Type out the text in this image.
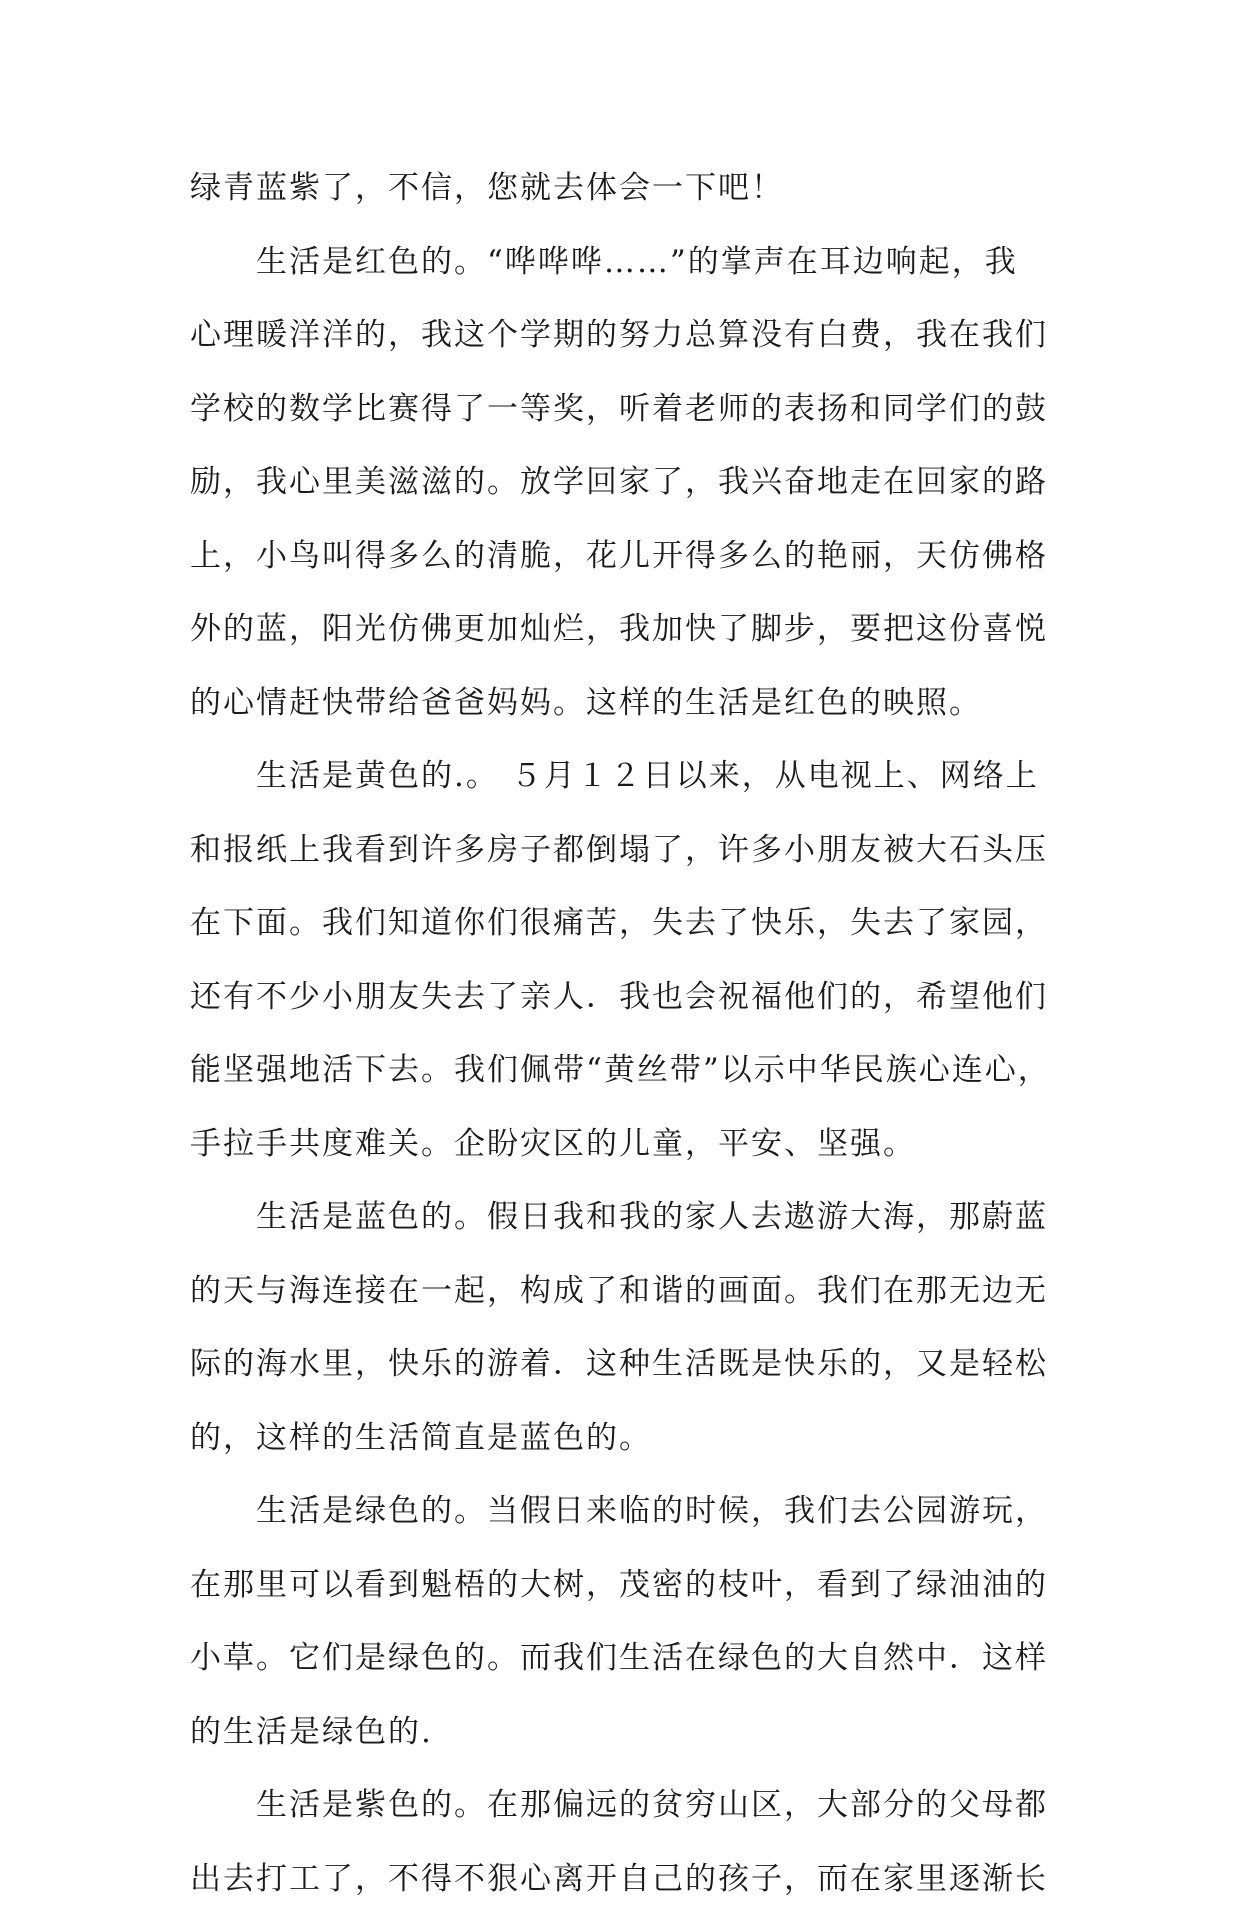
绿青蓝紫了，不信，您就去体会一下吧！
生活是红色的。“哗哗哗……”的掌声在耳边响起，我
心理暖洋洋的，我这个学期的努力总算没有白费，我在我们
学校的数学比赛得了一等奖，听着老师的表扬和同学们的鼓
励，我心里美滋滋的。放学回家了，我兴奋地走在回家的路
上，小鸟叫得多么的清脆，花儿开得多么的艳丽，天仿佛格
外的蓝，阳光仿佛更加灿烂，我加快了脚步，要把这份喜悦
的心情赶快带给爸爸妈妈。这样的生活是红色的映照。
生活是黄色的.。 ５月１２日以来，从电视上、网络上
和报纸上我看到许多房子都倒塌了，许多小朋友被大石头压
在下面。我们知道你们很痛苦，失去了快乐，失去了家园，
还有不少小朋友失去了亲人．我也会祝福他们的，希望他们
能坚强地活下去。我们佩带“黄丝带”以示中华民族心连心，
手拉手共度难关。企盼灾区的儿童，平安、坚强。
生活是蓝色的。假日我和我的家人去遨游大海，那蔚蓝
的天与海连接在一起，构成了和谐的画面。我们在那无边无
际的海水里，快乐的游着．这种生活既是快乐的，又是轻松
的，这样的生活简直是蓝色的。
生活是绿色的。当假日来临的时候，我们去公园游玩，
在那里可以看到魁梧的大树，茂密的枝叶，看到了绿油油的
小草。它们是绿色的。而我们生活在绿色的大自然中．这样
的生活是绿色的.
生活是紫色的。在那偏远的贫穷山区，大部分的父母都
出去打工了，不得不狠心离开自己的孩子，而在家里逐渐长
